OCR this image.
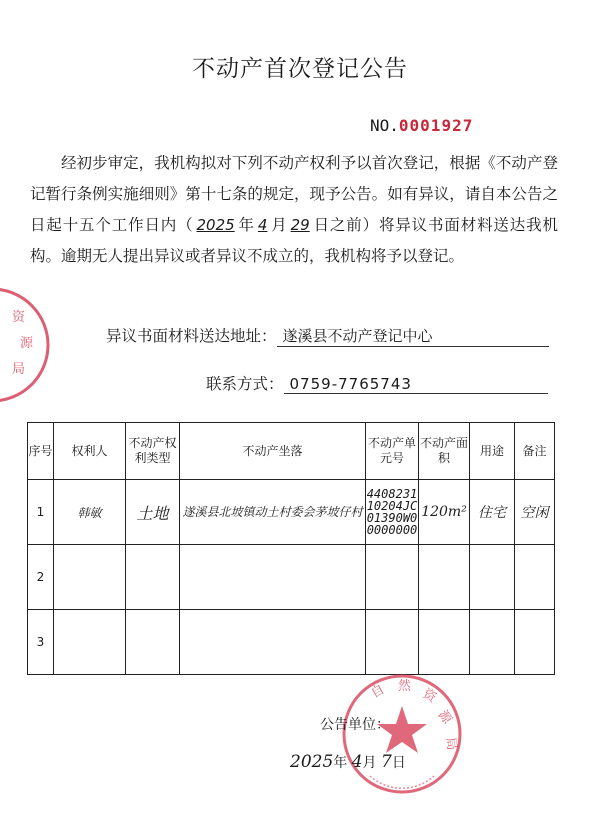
不动产首次登记公告
NO.0001927
经初步审定，我机构拟对下列不动产权利予以首次登记，根据《不动产登记暂行条例实施细则》第十七条的规定，现予公告。如有异议，请自本公告之日起十五个工作日内（ 2025 年 4 月 29 日之前）将异议书面材料送达我机构。逾期无人提出异议或者异议不成立的，我机构将予以登记。
异议书面材料送达地址： 遂溪县不动产登记中心
联系方式： 0759-7765743
序号	权利人	不动产权利类型	不动产坐落	不动产单元号	不动产面积	用途	备注
1	韩敏	土地	遂溪县北坡镇动土村委会茅坡仔村	440823110204JC01390W00000000	120m²	住宅	空闲
2							
3							
资
源
局
自 然 资
源
局
公告单位：
2025年 4月 7日
